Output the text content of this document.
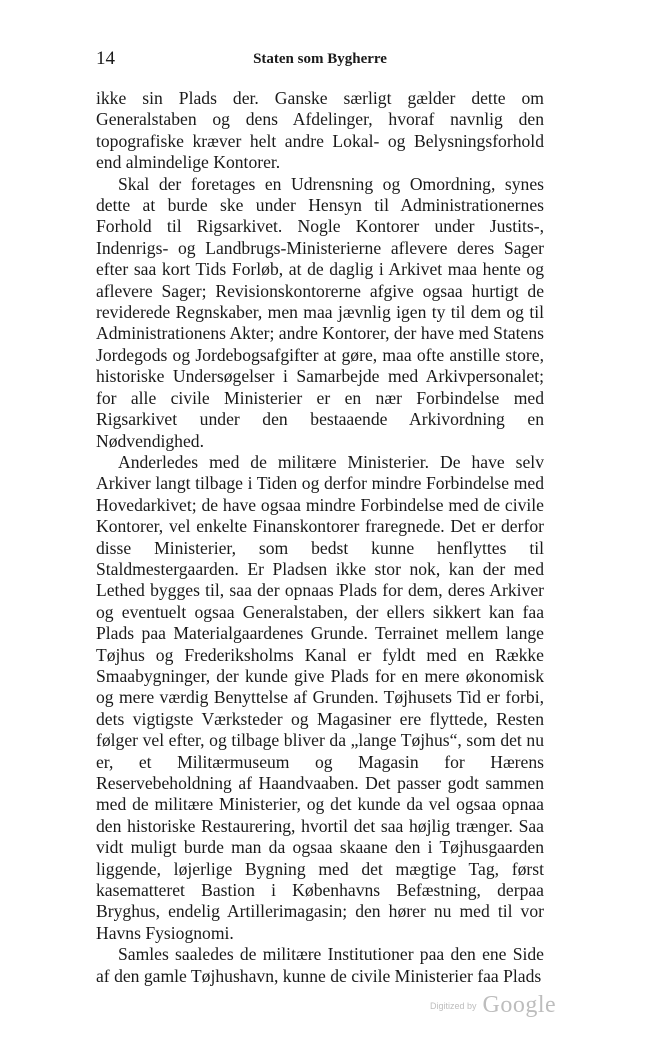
14	Staten som Bygherre

ikke sin Plads der. Ganske særligt gælder dette om Generalstaben og dens Afdelinger, hvoraf navnlig den topografiske kræver helt andre Lokal- og Belysningsforhold end almindelige Kontorer.

Skal der foretages en Udrensning og Omordning, synes dette at burde ske under Hensyn til Administrationernes Forhold til Rigsarkivet. Nogle Kontorer under Justits-, Indenrigs- og Landbrugs-Ministerierne aflevere deres Sager efter saa kort Tids Forløb, at de daglig i Arkivet maa hente og aflevere Sager; Revisionskontorerne afgive ogsaa hurtigt de reviderede Regnskaber, men maa jævnlig igen ty til dem og til Administrationens Akter; andre Kontorer, der have med Statens Jordegods og Jordebogsafgifter at gøre, maa ofte anstille store, historiske Undersøgelser i Samarbejde med Arkivpersonalet; for alle civile Ministerier er en nær Forbindelse med Rigsarkivet under den bestaaende Arkivordning en Nødvendighed.

Anderledes med de militære Ministerier. De have selv Arkiver langt tilbage i Tiden og derfor mindre Forbindelse med Hovedarkivet; de have ogsaa mindre Forbindelse med de civile Kontorer, vel enkelte Finanskontorer fraregnede. Det er derfor disse Ministerier, som bedst kunne henflyttes til Staldmestergaarden. Er Pladsen ikke stor nok, kan der med Lethed bygges til, saa der opnaas Plads for dem, deres Arkiver og eventuelt ogsaa Generalstaben, der ellers sikkert kan faa Plads paa Materialgaardenes Grunde. Terrainet mellem lange Tøjhus og Frederiksholms Kanal er fyldt med en Række Smaabygninger, der kunde give Plads for en mere økonomisk og mere værdig Benyttelse af Grunden. Tøjhusets Tid er forbi, dets vigtigste Værksteder og Magasiner ere flyttede, Resten følger vel efter, og tilbage bliver da „lange Tøjhus“, som det nu er, et Militærmuseum og Magasin for Hærens Reservebeholdning af Haandvaaben. Det passer godt sammen med de militære Ministerier, og det kunde da vel ogsaa opnaa den historiske Restaurering, hvortil det saa højlig trænger. Saa vidt muligt burde man da ogsaa skaane den i Tøjhusgaarden liggende, løjerlige Bygning med det mægtige Tag, først kasematteret Bastion i Københavns Befæstning, derpaa Bryghus, endelig Artillerimagasin; den hører nu med til vor Havns Fysiognomi.

Samles saaledes de militære Institutioner paa den ene Side af den gamle Tøjhushavn, kunne de civile Ministerier faa Plads

Digitized by Google
